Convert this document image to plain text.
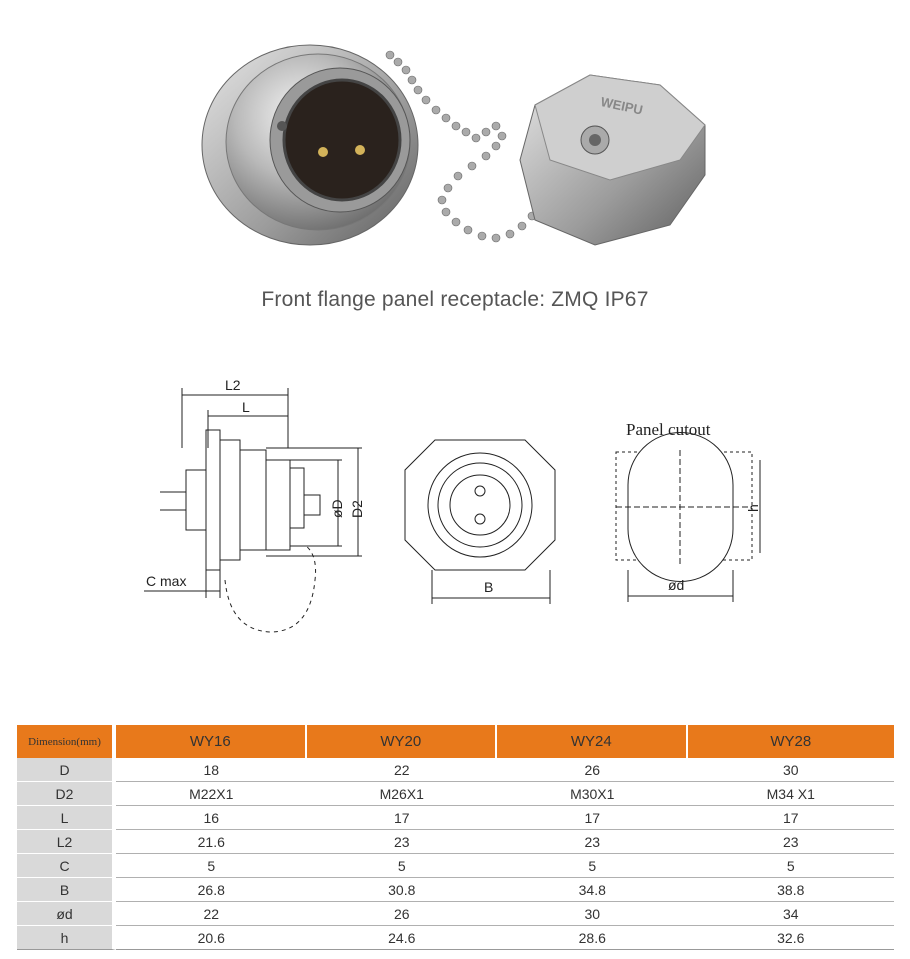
WEIPU
Front flange panel receptacle: ZMQ IP67
L2
L
øD D2
C max	B	ød
h
Panel cutout
Dimension(mm)	WY16	WY20	WY24	WY28
D	18	22	26	30
D2	M22X1	M26X1	M30X1	M34 X1
L	16	17	17	17
L2	21.6	23	23	23
C	5	5	5	5
B	26.8	30.8	34.8	38.8
ød	22	26	30	34
h	20.6	24.6	28.6	32.6
